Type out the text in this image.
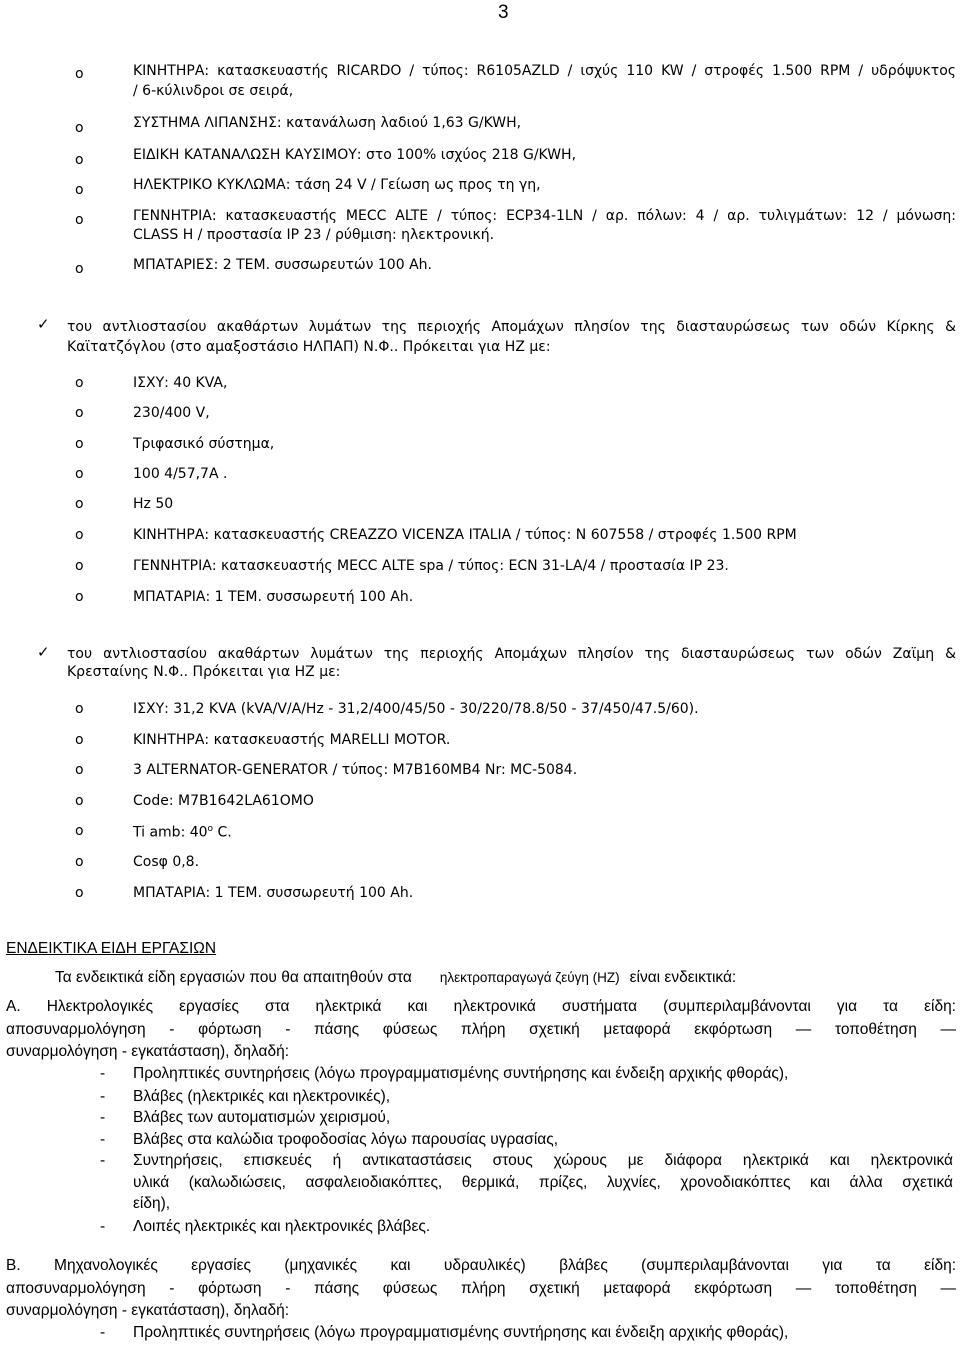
3
o	ΚΙΝΗΤΗΡΑ: κατασκευαστής RICARDO / τύπος: R6105AZLD / ισχύς 110 KW / στροφές 1.500 RPM / υδρόψυκτος
/ 6-κύλινδροι σε σειρά,
o	ΣΥΣΤΗΜΑ ΛΙΠΑΝΣΗΣ: κατανάλωση λαδιού 1,63 G/KWH,
o	ΕΙΔΙΚΗ ΚΑΤΑΝΑΛΩΣΗ ΚΑΥΣΙΜΟΥ: στο 100% ισχύος 218 G/KWH,
o	ΗΛΕΚΤΡΙΚΟ ΚΥΚΛΩΜΑ: τάση 24 V / Γείωση ως προς τη γη,
o	ΓΕΝΝΗΤΡΙΑ: κατασκευαστής MECC ALTE / τύπος: ECP34-1LN / αρ. πόλων: 4 / αρ. τυλιγμάτων: 12 / μόνωση:
CLASS H / προστασία IP 23 / ρύθμιση: ηλεκτρονική.
o	ΜΠΑΤΑΡΙΕΣ: 2 ΤΕΜ. συσσωρευτών 100 Ah.
✓ του αντλιοστασίου ακαθάρτων λυμάτων της περιοχής Απομάχων πλησίον της διασταυρώσεως των οδών Κίρκης &
Καϊτατζόγλου (στο αμαξοστάσιο ΗΛΠΑΠ) Ν.Φ.. Πρόκειται για ΗΖ με:
o	ΙΣΧΥ: 40 KVA,
o	230/400 V,
o	Τριφασικό σύστημα,
o	100 4/57,7A .
o	Hz 50
o	ΚΙΝΗΤΗΡΑ: κατασκευαστής CREAZZO VICENZA ITALIA / τύπος: N 607558 / στροφές 1.500 RPM
o	ΓΕΝΝΗΤΡΙΑ: κατασκευαστής MECC ALTE spa / τύπος: ECN 31-LA/4 / προστασία IP 23.
o	ΜΠΑΤΑΡΙΑ: 1 ΤΕΜ. συσσωρευτή 100 Ah.
✓ του αντλιοστασίου ακαθάρτων λυμάτων της περιοχής Απομάχων πλησίον της διασταυρώσεως των οδών Ζαϊμη &
Κρεσταίνης Ν.Φ.. Πρόκειται για ΗΖ με:
o	ΙΣΧΥ: 31,2 KVA (kVA/V/A/Hz - 31,2/400/45/50 - 30/220/78.8/50 - 37/450/47.5/60).
o	ΚΙΝΗΤΗΡΑ: κατασκευαστής MARELLI MOTOR.
o	3 ALTERNATOR-GENERATOR / τύπος: M7B160MB4 Nr: MC-5084.
o	Code: M7B1642LA61OMO
o	Ti amb: 40$^o$ C.
o	Cosφ 0,8.
o	ΜΠΑΤΑΡΙΑ: 1 ΤΕΜ. συσσωρευτή 100 Ah.
ΕΝΔΕΙΚΤΙΚΑ ΕΙΔΗ ΕΡΓΑΣΙΩΝ
Τα ενδεικτικά είδη εργασιών που θα απαιτηθούν στα ηλεκτροπαραγωγά ζεύγη (ΗΖ) είναι ενδεικτικά:
Α. Ηλεκτρολογικές εργασίες στα ηλεκτρικά και ηλεκτρονικά συστήματα (συμπεριλαμβάνονται για τα είδη:
αποσυναρμολόγηση - φόρτωση - πάσης φύσεως πλήρη σχετική μεταφορά εκφόρτωση — τοποθέτηση —
συναρμολόγηση - εγκατάσταση), δηλαδή:
- Προληπτικές συντηρήσεις (λόγω προγραμματισμένης συντήρησης και ένδειξη αρχικής φθοράς),
- Βλάβες (ηλεκτρικές και ηλεκτρονικές),
- Βλάβες των αυτοματισμών χειρισμού,
- Βλάβες στα καλώδια τροφοδοσίας λόγω παρουσίας υγρασίας,
- Συντηρήσεις, επισκευές ή αντικαταστάσεις στους χώρους με διάφορα ηλεκτρικά και ηλεκτρονικά
υλικά (καλωδιώσεις, ασφαλειοδιακόπτες, θερμικά, πρίζες, λυχνίες, χρονοδιακόπτες και άλλα σχετικά
είδη),
- Λοιπές ηλεκτρικές και ηλεκτρονικές βλάβες.
Β. Μηχανολογικές εργασίες (μηχανικές και υδραυλικές) βλάβες (συμπεριλαμβάνονται για τα είδη:
αποσυναρμολόγηση - φόρτωση - πάσης φύσεως πλήρη σχετική μεταφορά εκφόρτωση — τοποθέτηση —
συναρμολόγηση - εγκατάσταση), δηλαδή:
- Προληπτικές συντηρήσεις (λόγω προγραμματισμένης συντήρησης και ένδειξη αρχικής φθοράς),
